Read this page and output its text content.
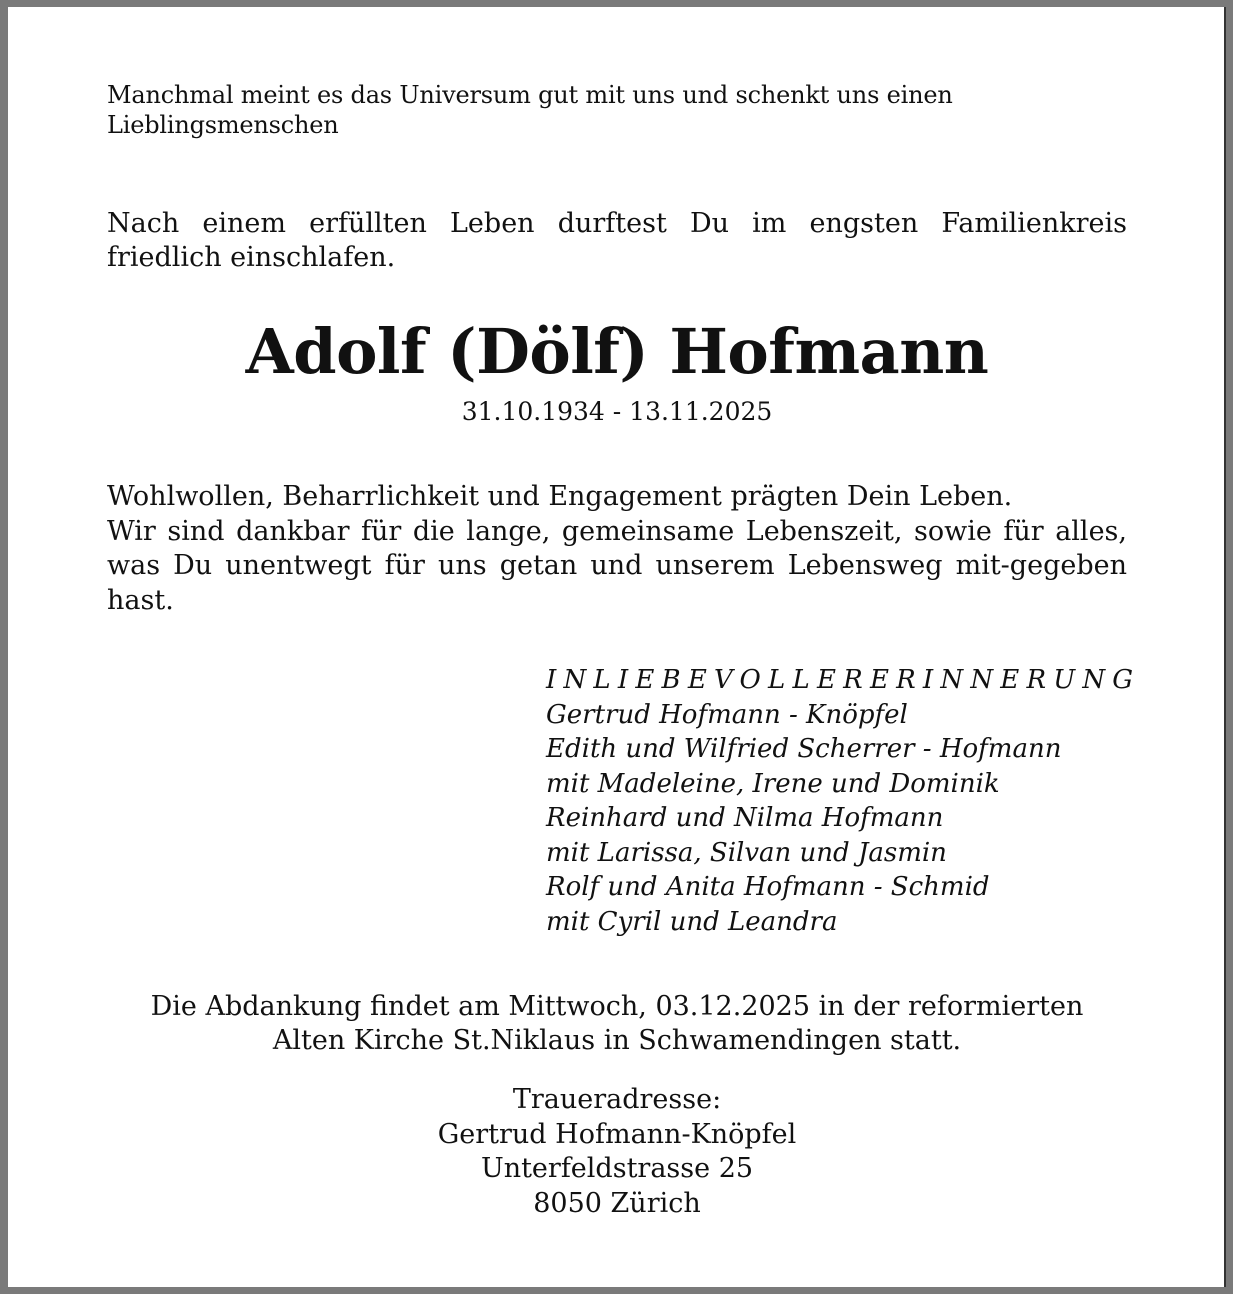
Manchmal meint es das Universum gut mit uns und schenkt uns einen
Lieblingsmenschen
Nach einem erfüllten Leben durftest Du im engsten Familienkreis friedlich einschlafen.
Adolf (Dölf) Hofmann
31.10.1934 - 13.11.2025

Wohlwollen, Beharrlichkeit und Engagement prägten Dein Leben.

Wir sind dankbar für die lange, gemeinsame Lebenszeit, sowie für alles, was Du unentwegt für uns getan und unserem Lebensweg mit-gegeben hast.

INLIEBEVOLLERERINNERUNG
Gertrud Hofmann - Knöpfel
Edith und Wilfried Scherrer - Hofmann
mit Madeleine, Irene und Dominik
Reinhard und Nilma Hofmann
mit Larissa, Silvan und Jasmin
Rolf und Anita Hofmann - Schmid
mit Cyril und Leandra
Die Abdankung findet am Mittwoch, 03.12.2025 in der reformierten
Alten Kirche St.Niklaus in Schwamendingen statt.
Traueradresse:
Gertrud Hofmann-Knöpfel
Unterfeldstrasse 25
8050 Zürich
